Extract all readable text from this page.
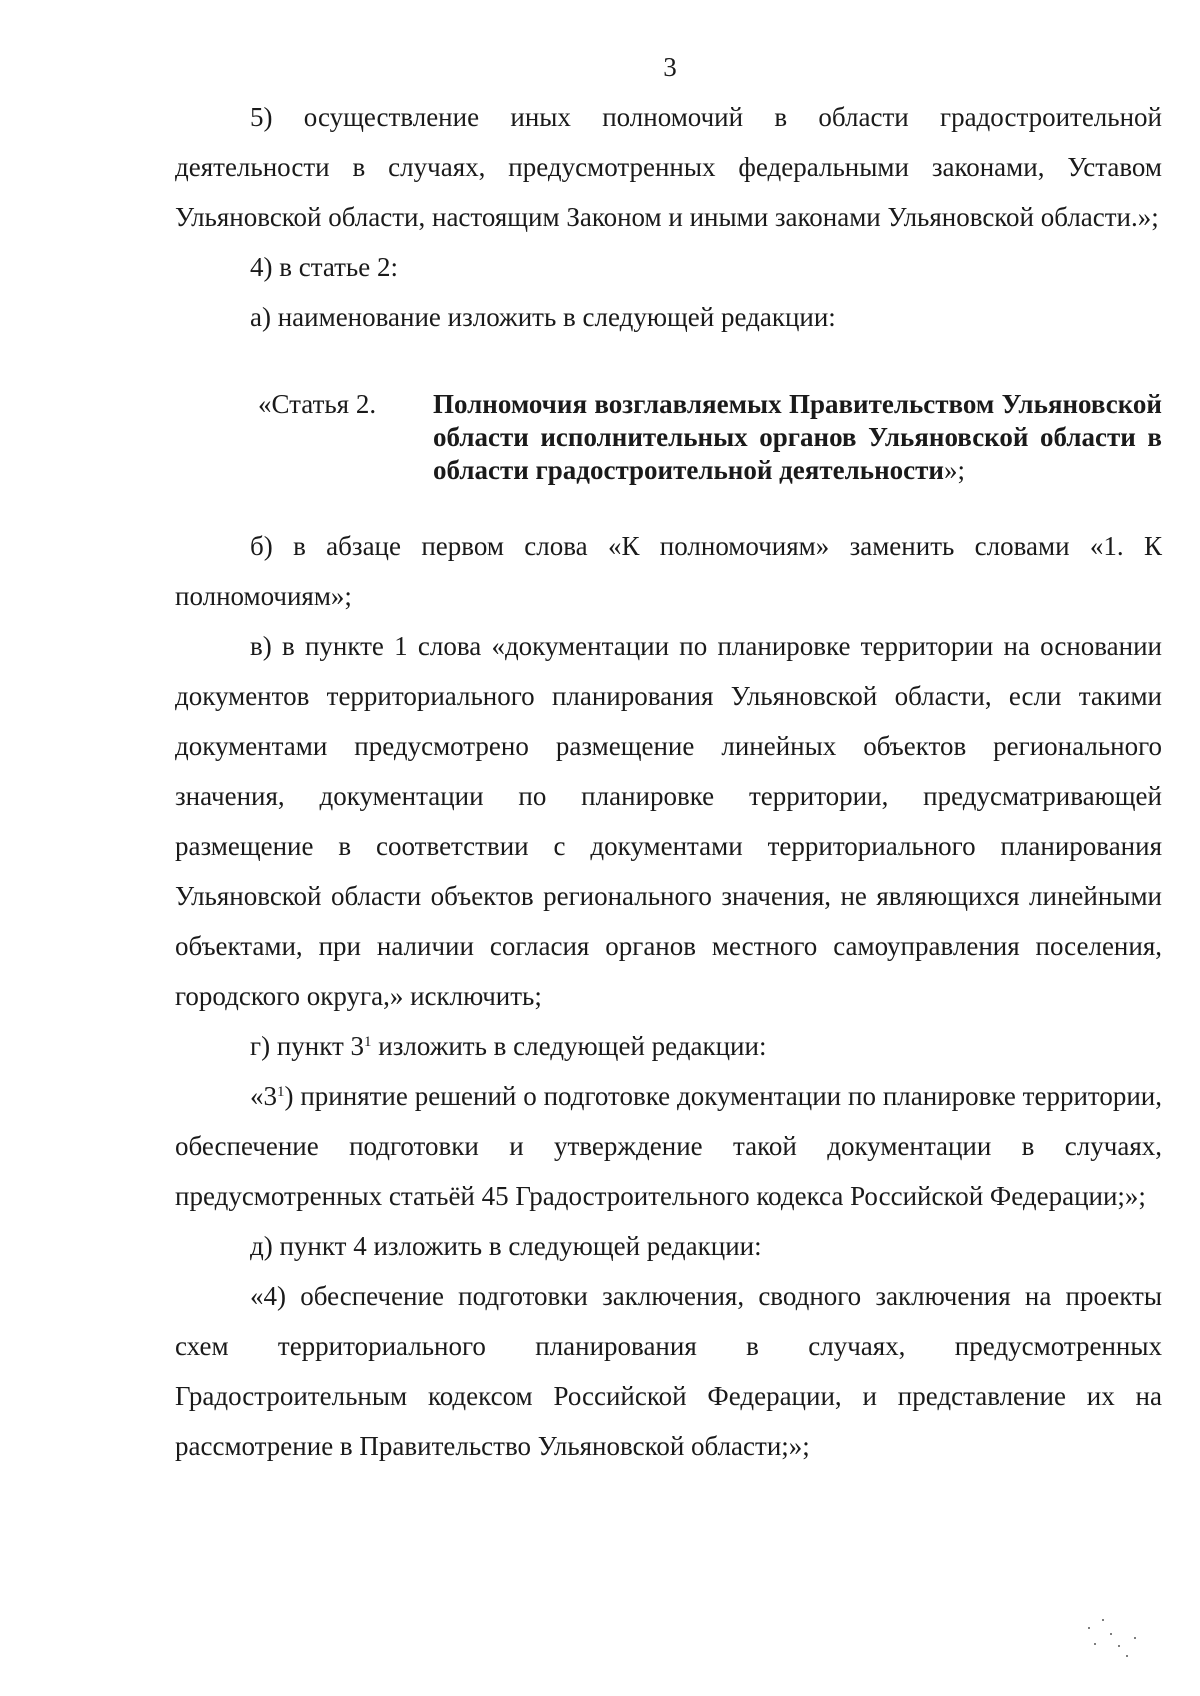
3

5) осуществление иных полномочий в области градостроительной деятельности в случаях, предусмотренных федеральными законами, Уставом Ульяновской области, настоящим Законом и иными законами Ульяновской области.»;

4) в статье 2:

а) наименование изложить в следующей редакции:

«Статья 2.	Полномочия возглавляемых Правительством Ульяновской области исполнительных органов Ульяновской области в области градостроительной деятельности»;

б) в абзаце первом слова «К полномочиям» заменить словами «1. К полномочиям»;

в) в пункте 1 слова «документации по планировке территории на основании документов территориального планирования Ульяновской области, если такими документами предусмотрено размещение линейных объектов регионального значения, документации по планировке территории, предусматривающей размещение в соответствии с документами территориального планирования Ульяновской области объектов регионального значения, не являющихся линейными объектами, при наличии согласия органов местного самоуправления поселения, городского округа,» исключить;

г) пункт $3^1$ изложить в следующей редакции:

«$3^1$) принятие решений о подготовке документации по планировке территории, обеспечение подготовки и утверждение такой документации в случаях, предусмотренных статьёй 45 Градостроительного кодекса Российской Федерации;»;

д) пункт 4 изложить в следующей редакции:

«4) обеспечение подготовки заключения, сводного заключения на проекты схем территориального планирования в случаях, предусмотренных Градостроительным кодексом Российской Федерации, и представление их на рассмотрение в Правительство Ульяновской области;»;
